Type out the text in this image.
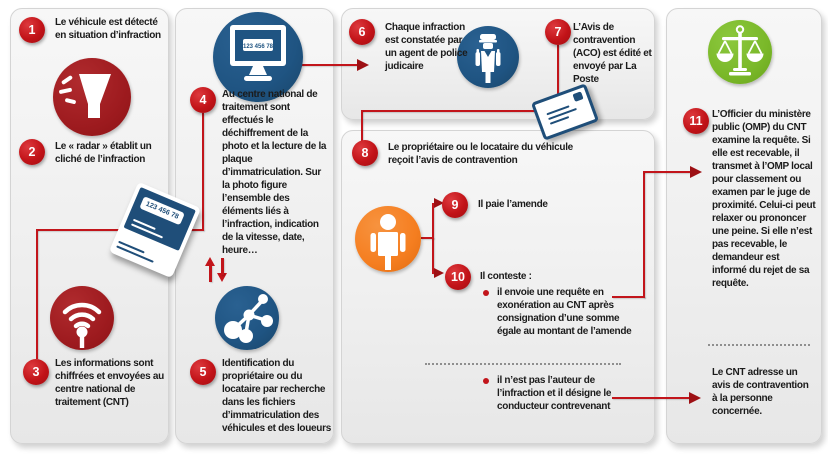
1
Le véhicule est détecté en situation d’infraction
2	Le « radar » établit un cliché de l’infraction
123 456 78
3
Les informations sont chiffrées et envoyées au centre national de traitement (CNT)
123 456 78
4	Au centre national de traitement sont effectués le déchiffrement de la photo et la lecture de la plaque d’immatriculation. Sur la photo figure l’ensemble des éléments liés à l’infraction, indication de la vitesse, date, heure…
5
Identification du propriétaire ou du locataire par recherche dans les fichiers d’immatriculation des véhicules et des loueurs
6	Chaque infraction est constatée par un agent de police judicaire
7	L’Avis de contravention (ACO) est édité et envoyé par La Poste
8	Le propriétaire ou le locataire du véhicule reçoit l’avis de contravention
9	Il paie l’amende
10	Il conteste :
il envoie une requête en exonération au CNT après consignation d’une somme égale au montant de l’amende
il n’est pas l’auteur de l’infraction et il désigne le conducteur contrevenant
11 L’Officier du ministère public (OMP) du CNT examine la requête. Si elle est recevable, il transmet à l’OMP local pour classement ou examen par le juge de proximité. Celui-ci peut relaxer ou prononcer une peine. Si elle n’est pas recevable, le demandeur est informé du rejet de sa requête.
Le CNT adresse un avis de contravention à la personne concernée.
